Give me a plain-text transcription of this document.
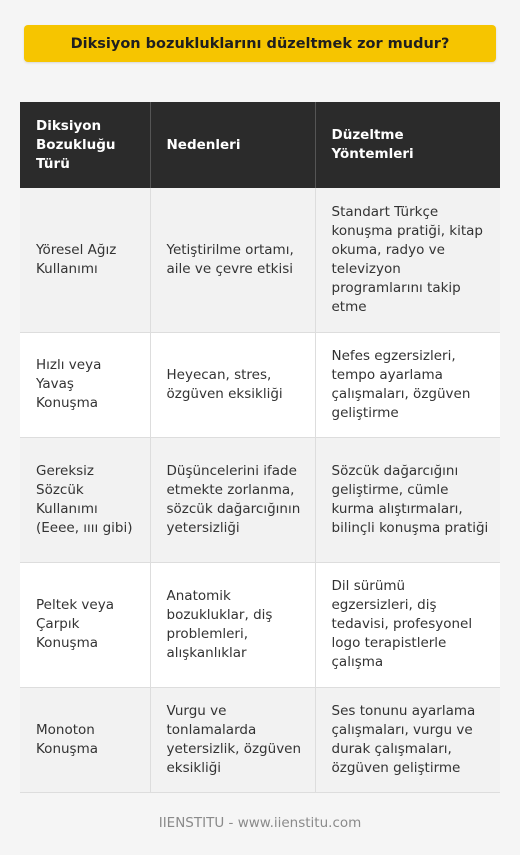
Diksiyon bozukluklarını düzeltmek zor mudur?
Diksiyon Bozukluğu Türü	Nedenleri	Düzeltme Yöntemleri
Yöresel Ağız Kullanımı	Yetiştirilme ortamı, aile ve çevre etkisi	Standart Türkçe konuşma pratiği, kitap okuma, radyo ve televizyon programlarını takip etme
Hızlı veya Yavaş Konuşma	Heyecan, stres, özgüven eksikliği	Nefes egzersizleri, tempo ayarlama çalışmaları, özgüven geliştirme
Gereksiz Sözcük Kullanımı (Eeee, ıııı gibi)	Düşüncelerini ifade etmekte zorlanma, sözcük dağarcığının yetersizliği	Sözcük dağarcığını geliştirme, cümle kurma alıştırmaları, bilinçli konuşma pratiği
Peltek veya Çarpık Konuşma	Anatomik bozukluklar, diş problemleri, alışkanlıklar	Dil sürümü egzersizleri, diş tedavisi, profesyonel logo terapistlerle çalışma
Monoton Konuşma	Vurgu ve tonlamalarda yetersizlik, özgüven eksikliği	Ses tonunu ayarlama çalışmaları, vurgu ve durak çalışmaları, özgüven geliştirme
IIENSTITU - www.iienstitu.com
